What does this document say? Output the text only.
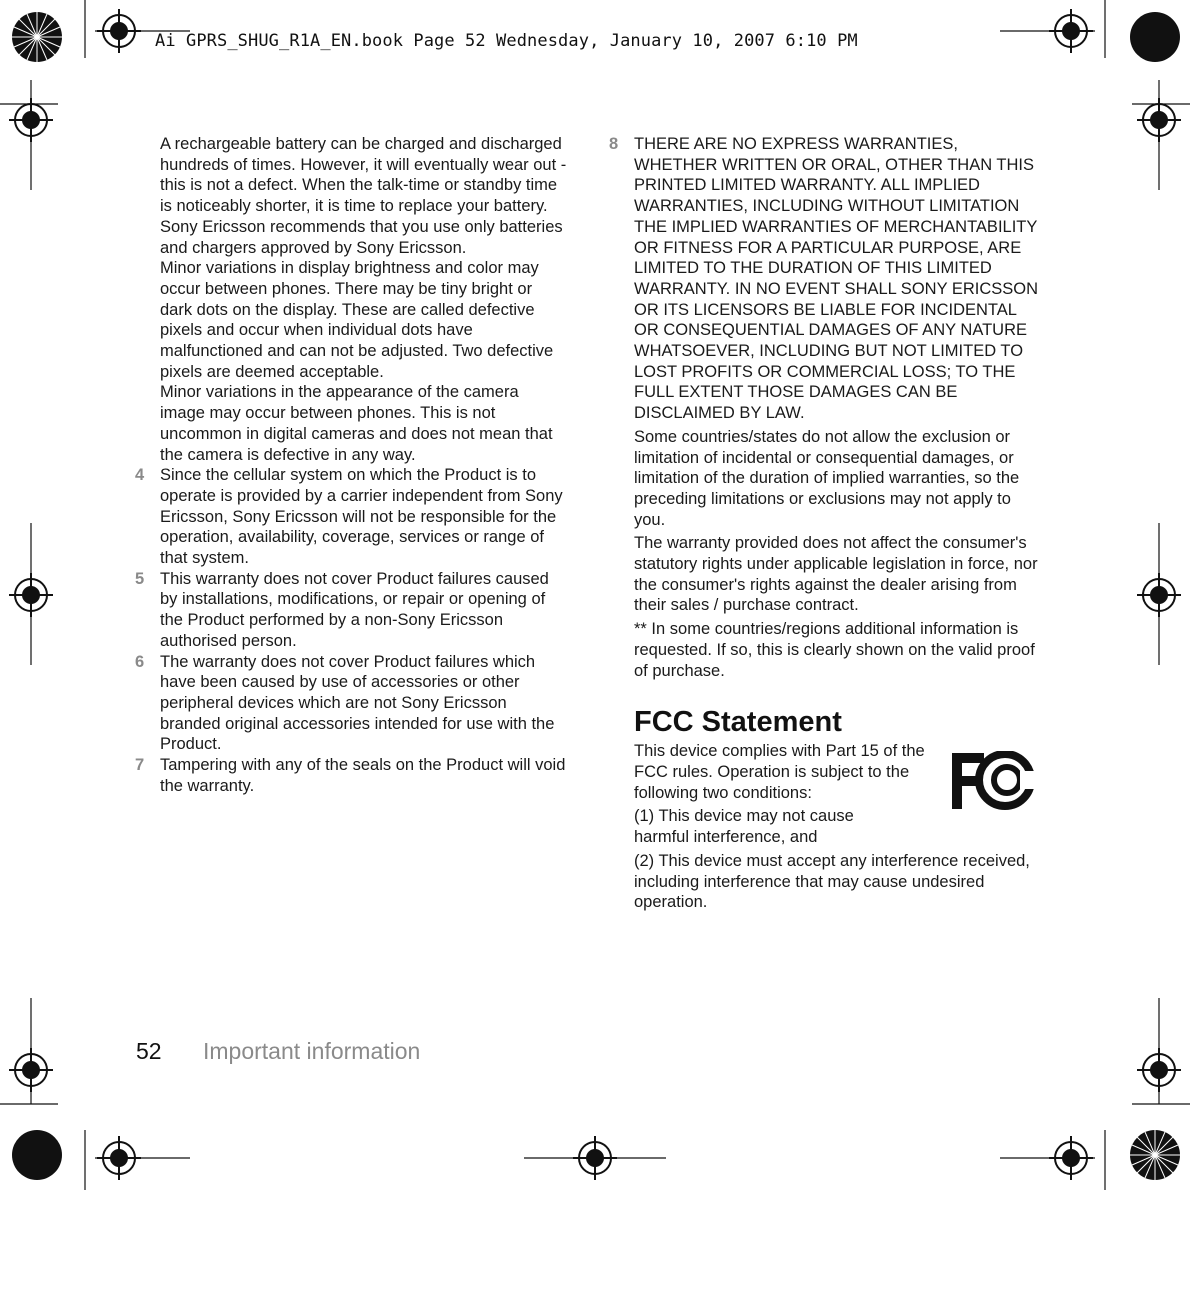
Ai GPRS_SHUG_R1A_EN.book Page 52 Wednesday, January 10, 2007 6:10 PM

A rechargeable battery can be charged and discharged hundreds of times. However, it will eventually wear out - this is not a defect. When the talk-time or standby time is noticeably shorter, it is time to replace your battery. Sony Ericsson recommends that you use only batteries and chargers approved by Sony Ericsson.

Minor variations in display brightness and color may occur between phones. There may be tiny bright or dark dots on the display. These are called defective pixels and occur when individual dots have malfunctioned and can not be adjusted. Two defective pixels are deemed acceptable.

Minor variations in the appearance of the camera image may occur between phones. This is not uncommon in digital cameras and does not mean that the camera is defective in any way.

4 Since the cellular system on which the Product is to operate is provided by a carrier independent from Sony Ericsson, Sony Ericsson will not be responsible for the operation, availability, coverage, services or range of that system.

5 This warranty does not cover Product failures caused by installations, modifications, or repair or opening of the Product performed by a non-Sony Ericsson authorised person.

6 The warranty does not cover Product failures which have been caused by use of accessories or other peripheral devices which are not Sony Ericsson branded original accessories intended for use with the Product.

7 Tampering with any of the seals on the Product will void the warranty.

8 THERE ARE NO EXPRESS WARRANTIES, WHETHER WRITTEN OR ORAL, OTHER THAN THIS PRINTED LIMITED WARRANTY. ALL IMPLIED WARRANTIES, INCLUDING WITHOUT LIMITATION THE IMPLIED WARRANTIES OF MERCHANTABILITY OR FITNESS FOR A PARTICULAR PURPOSE, ARE LIMITED TO THE DURATION OF THIS LIMITED WARRANTY. IN NO EVENT SHALL SONY ERICSSON OR ITS LICENSORS BE LIABLE FOR INCIDENTAL OR CONSEQUENTIAL DAMAGES OF ANY NATURE WHATSOEVER, INCLUDING BUT NOT LIMITED TO LOST PROFITS OR COMMERCIAL LOSS; TO THE FULL EXTENT THOSE DAMAGES CAN BE DISCLAIMED BY LAW.

Some countries/states do not allow the exclusion or limitation of incidental or consequential damages, or limitation of the duration of implied warranties, so the preceding limitations or exclusions may not apply to you.

The warranty provided does not affect the consumer's statutory rights under applicable legislation in force, nor the consumer's rights against the dealer arising from their sales / purchase contract.

** In some countries/regions additional information is requested. If so, this is clearly shown on the valid proof of purchase.

FCC Statement

This device complies with Part 15 of the FCC rules. Operation is subject to the following two conditions:

(1) This device may not cause harmful interference, and

(2) This device must accept any interference received, including interference that may cause undesired operation.

52 Important information
